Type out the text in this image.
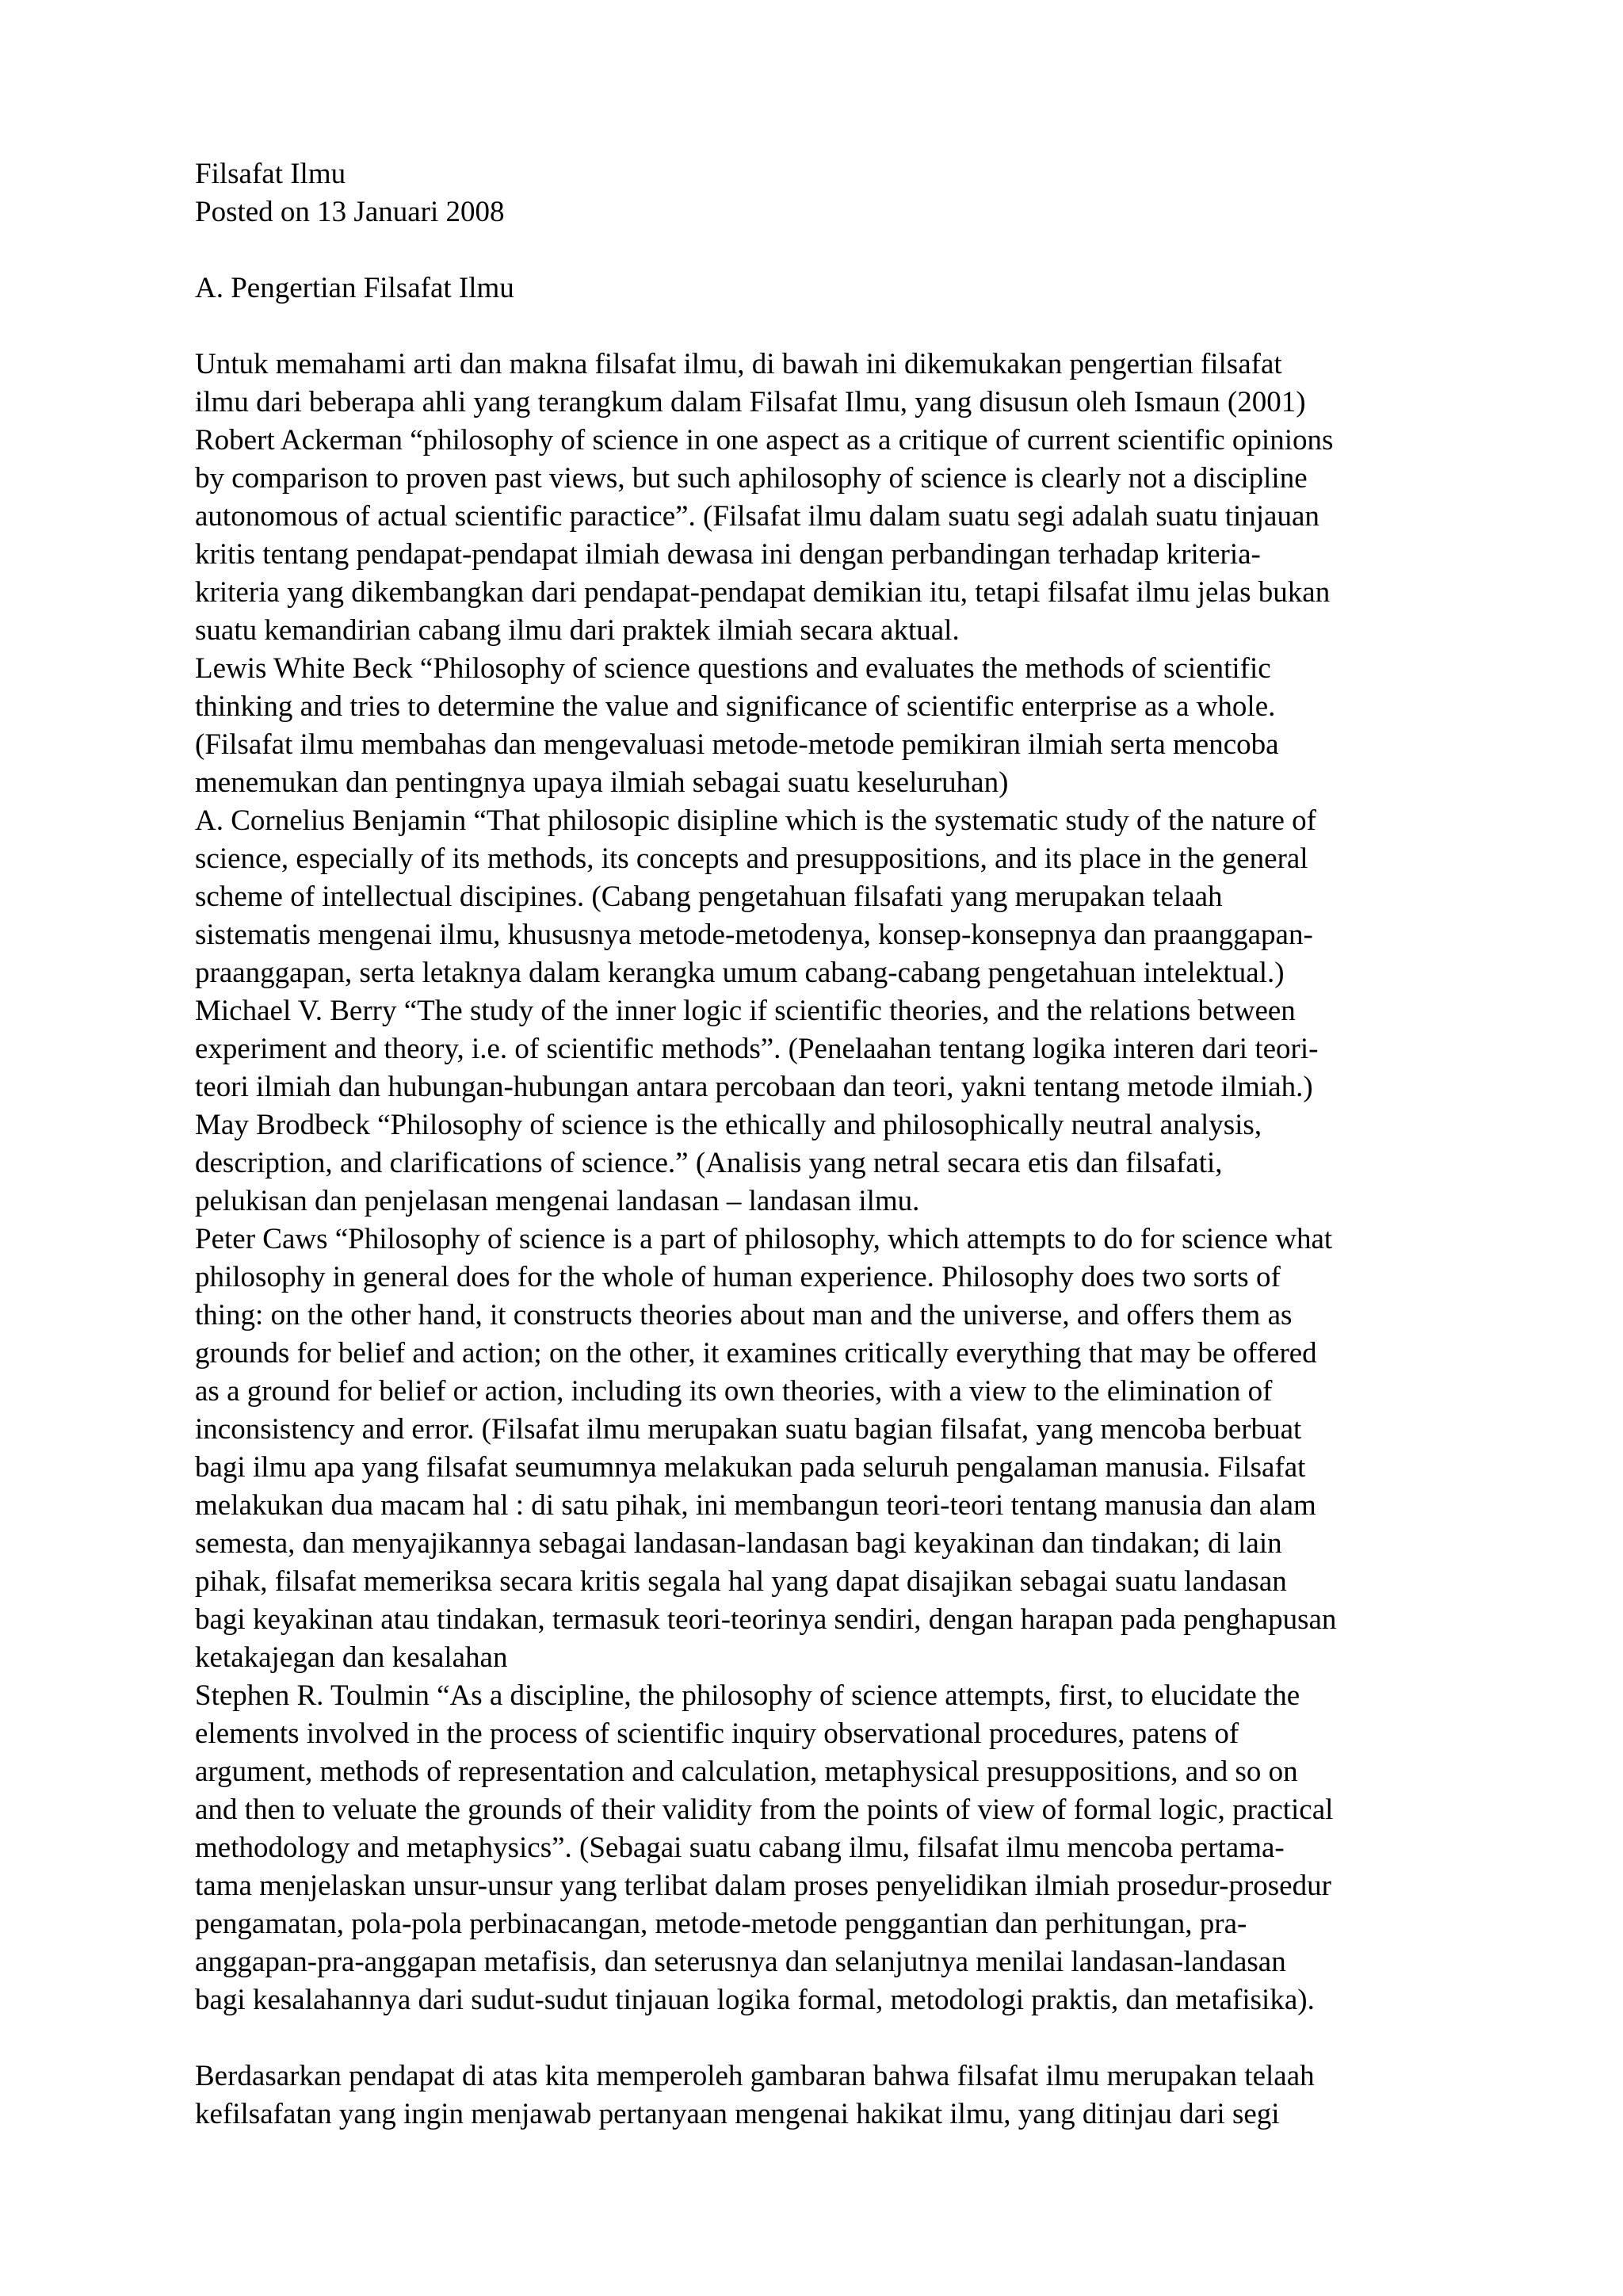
Filsafat Ilmu
Posted on 13 Januari 2008
A. Pengertian Filsafat Ilmu
Untuk memahami arti dan makna filsafat ilmu, di bawah ini dikemukakan pengertian filsafat
ilmu dari beberapa ahli yang terangkum dalam Filsafat Ilmu, yang disusun oleh Ismaun (2001)
Robert Ackerman “philosophy of science in one aspect as a critique of current scientific opinions
by comparison to proven past views, but such aphilosophy of science is clearly not a discipline
autonomous of actual scientific paractice”. (Filsafat ilmu dalam suatu segi adalah suatu tinjauan
kritis tentang pendapat-pendapat ilmiah dewasa ini dengan perbandingan terhadap kriteria-
kriteria yang dikembangkan dari pendapat-pendapat demikian itu, tetapi filsafat ilmu jelas bukan
suatu kemandirian cabang ilmu dari praktek ilmiah secara aktual.
Lewis White Beck “Philosophy of science questions and evaluates the methods of scientific
thinking and tries to determine the value and significance of scientific enterprise as a whole.
(Filsafat ilmu membahas dan mengevaluasi metode-metode pemikiran ilmiah serta mencoba
menemukan dan pentingnya upaya ilmiah sebagai suatu keseluruhan)
A. Cornelius Benjamin “That philosopic disipline which is the systematic study of the nature of
science, especially of its methods, its concepts and presuppositions, and its place in the general
scheme of intellectual discipines. (Cabang pengetahuan filsafati yang merupakan telaah
sistematis mengenai ilmu, khususnya metode-metodenya, konsep-konsepnya dan praanggapan-
praanggapan, serta letaknya dalam kerangka umum cabang-cabang pengetahuan intelektual.)
Michael V. Berry “The study of the inner logic if scientific theories, and the relations between
experiment and theory, i.e. of scientific methods”. (Penelaahan tentang logika interen dari teori-
teori ilmiah dan hubungan-hubungan antara percobaan dan teori, yakni tentang metode ilmiah.)
May Brodbeck “Philosophy of science is the ethically and philosophically neutral analysis,
description, and clarifications of science.” (Analisis yang netral secara etis dan filsafati,
pelukisan dan penjelasan mengenai landasan – landasan ilmu.
Peter Caws “Philosophy of science is a part of philosophy, which attempts to do for science what
philosophy in general does for the whole of human experience. Philosophy does two sorts of
thing: on the other hand, it constructs theories about man and the universe, and offers them as
grounds for belief and action; on the other, it examines critically everything that may be offered
as a ground for belief or action, including its own theories, with a view to the elimination of
inconsistency and error. (Filsafat ilmu merupakan suatu bagian filsafat, yang mencoba berbuat
bagi ilmu apa yang filsafat seumumnya melakukan pada seluruh pengalaman manusia. Filsafat
melakukan dua macam hal : di satu pihak, ini membangun teori-teori tentang manusia dan alam
semesta, dan menyajikannya sebagai landasan-landasan bagi keyakinan dan tindakan; di lain
pihak, filsafat memeriksa secara kritis segala hal yang dapat disajikan sebagai suatu landasan
bagi keyakinan atau tindakan, termasuk teori-teorinya sendiri, dengan harapan pada penghapusan
ketakajegan dan kesalahan
Stephen R. Toulmin “As a discipline, the philosophy of science attempts, first, to elucidate the
elements involved in the process of scientific inquiry observational procedures, patens of
argument, methods of representation and calculation, metaphysical presuppositions, and so on
and then to veluate the grounds of their validity from the points of view of formal logic, practical
methodology and metaphysics”. (Sebagai suatu cabang ilmu, filsafat ilmu mencoba pertama-
tama menjelaskan unsur-unsur yang terlibat dalam proses penyelidikan ilmiah prosedur-prosedur
pengamatan, pola-pola perbinacangan, metode-metode penggantian dan perhitungan, pra-
anggapan-pra-anggapan metafisis, dan seterusnya dan selanjutnya menilai landasan-landasan
bagi kesalahannya dari sudut-sudut tinjauan logika formal, metodologi praktis, dan metafisika).
Berdasarkan pendapat di atas kita memperoleh gambaran bahwa filsafat ilmu merupakan telaah
kefilsafatan yang ingin menjawab pertanyaan mengenai hakikat ilmu, yang ditinjau dari segi
